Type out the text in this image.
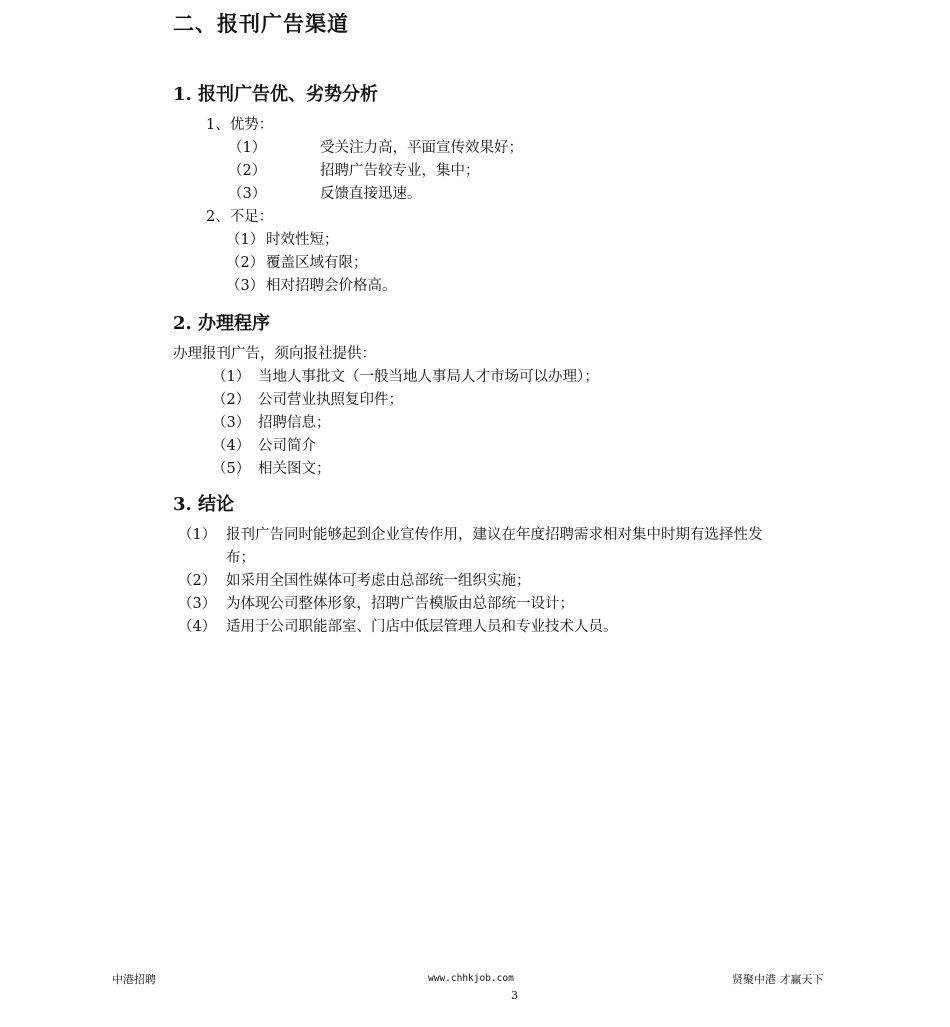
二、报刊广告渠道
1. 报刊广告优、劣势分析
1、优势：
（1）	受关注力高，平面宣传效果好；
（2）	招聘广告较专业，集中；
（3）	反馈直接迅速。
2、不足：
（1） 时效性短；
（2） 覆盖区域有限；
（3） 相对招聘会价格高。
2. 办理程序
办理报刊广告，须向报社提供：
（1） 当地人事批文（一般当地人事局人才市场可以办理）；
（2） 公司营业执照复印件；
（3） 招聘信息；
（4） 公司简介
（5） 相关图文；
3. 结论
（1） 报刊广告同时能够起到企业宣传作用，建议在年度招聘需求相对集中时期有选择性发
布；
（2） 如采用全国性媒体可考虑由总部统一组织实施；
（3） 为体现公司整体形象，招聘广告模版由总部统一设计；
（4） 适用于公司职能部室、门店中低层管理人员和专业技术人员。
中港招聘	www.chhkjob.com	贤聚中港 才赢天下
3
